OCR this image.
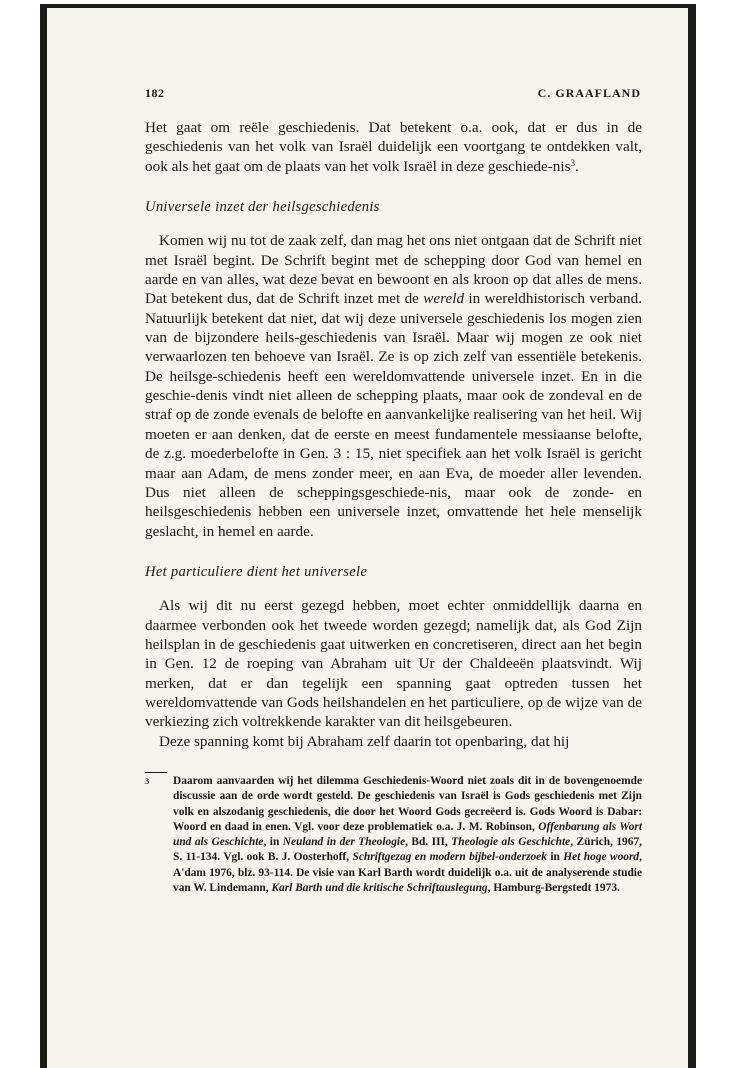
182	C. GRAAFLAND

Het gaat om reële geschiedenis. Dat betekent o.a. ook, dat er dus in de geschiedenis van het volk van Israël duidelijk een voortgang te ontdekken valt, ook als het gaat om de plaats van het volk Israël in deze geschiede-nis$^3$.

Universele inzet der heilsgeschiedenis

Komen wij nu tot de zaak zelf, dan mag het ons niet ontgaan dat de Schrift niet met Israël begint. De Schrift begint met de schepping door God van hemel en aarde en van alles, wat deze bevat en bewoont en als kroon op dat alles de mens. Dat betekent dus, dat de Schrift inzet met de wereld in wereldhistorisch verband. Natuurlijk betekent dat niet, dat wij deze universele geschiedenis los mogen zien van de bijzondere heils-geschiedenis van Israël. Maar wij mogen ze ook niet verwaarlozen ten behoeve van Israël. Ze is op zich zelf van essentiële betekenis. De heilsge-schiedenis heeft een wereldomvattende universele inzet. En in die geschie-denis vindt niet alleen de schepping plaats, maar ook de zondeval en de straf op de zonde evenals de belofte en aanvankelijke realisering van het heil. Wij moeten er aan denken, dat de eerste en meest fundamentele messiaanse belofte, de z.g. moederbelofte in Gen. 3 : 15, niet specifiek aan het volk Israël is gericht maar aan Adam, de mens zonder meer, en aan Eva, de moeder aller levenden. Dus niet alleen de scheppingsgeschiede-nis, maar ook de zonde- en heilsgeschiedenis hebben een universele inzet, omvattende het hele menselijk geslacht, in hemel en aarde.

Het particuliere dient het universele

Als wij dit nu eerst gezegd hebben, moet echter onmiddellijk daarna en daarmee verbonden ook het tweede worden gezegd; namelijk dat, als God Zijn heilsplan in de geschiedenis gaat uitwerken en concretiseren, direct aan het begin in Gen. 12 de roeping van Abraham uit Ur der Chaldeeën plaatsvindt. Wij merken, dat er dan tegelijk een spanning gaat optreden tussen het wereldomvattende van Gods heilshandelen en het particuliere, op de wijze van de verkiezing zich voltrekkende karakter van dit heilsgebeuren.

Deze spanning komt bij Abraham zelf daarin tot openbaring, dat hij

3 Daarom aanvaarden wij het dilemma Geschiedenis-Woord niet zoals dit in de bovengenoemde discussie aan de orde wordt gesteld. De geschiedenis van Israël is Gods geschiedenis met Zijn volk en alszodanig geschiedenis, die door het Woord Gods gecreëerd is. Gods Woord is Dabar: Woord en daad in enen. Vgl. voor deze problematiek o.a. J. M. Robinson, Offenbarung als Wort und als Geschichte, in Neuland in der Theologie, Bd. III, Theologie als Geschichte, Zürich, 1967, S. 11-134. Vgl. ook B. J. Oosterhoff, Schriftgezag en modern bijbel-onderzoek in Het hoge woord, A'dam 1976, blz. 93-114. De visie van Karl Barth wordt duidelijk o.a. uit de analyserende studie van W. Lindemann, Karl Barth und die kritische Schriftauslegung, Hamburg-Bergstedt 1973.
